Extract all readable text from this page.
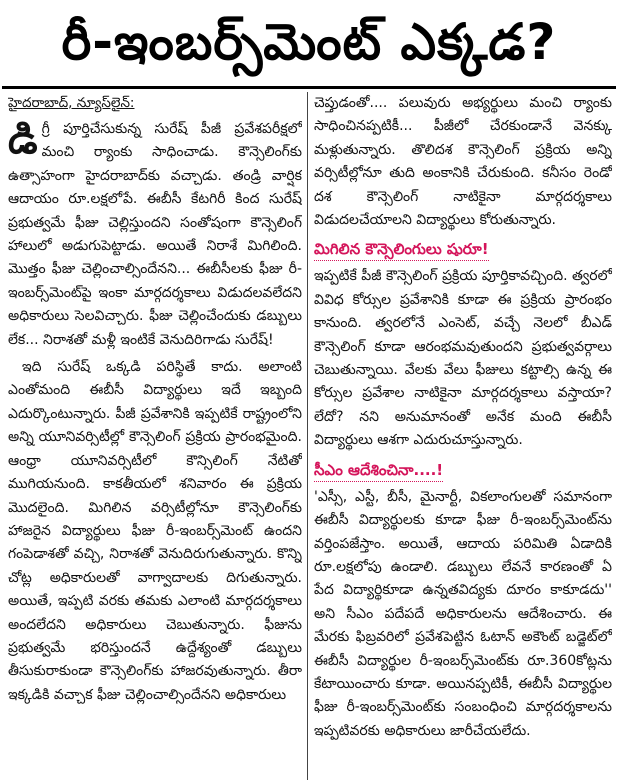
రీ-ఇంబర్స్‌మెంట్ ఎక్కడ?
హైదరాబాద్, న్యూస్‌లైన్:

డిగ్రీ పూర్తిచేసుకున్న సురేష్ పీజీ ప్రవేశపరీక్షలో మంచి ర్యాంకు సాధించాడు. కౌన్సెలింగ్‌కు ఉత్సాహంగా హైదరాబాద్‌కు వచ్చాడు. తండ్రి వార్షిక ఆదాయం రూ.లక్షలోపే. ఈబీసీ కేటగిరీ కింద సురేష్ ప్రభుత్వమే ఫీజు చెల్లిస్తుందని సంతోషంగా కౌన్సెలింగ్ హాలులో అడుగుపెట్టాడు. అయితే నిరాశే మిగిలింది. మొత్తం ఫీజు చెల్లించాల్సిందేనని... ఈబీసీలకు ఫీజు రీ-ఇంబర్స్‌మెంట్‌పై ఇంకా మార్గదర్శకాలు విడుదలవలేదని అధికారులు సెలవిచ్చారు. ఫీజు చెల్లించేందుకు డబ్బులు లేక... నిరాశతో మళ్లీ ఇంటికే వెనుదిరిగాడు సురేష్!

ఇది సురేష్ ఒక్కడి పరిస్థితే కాదు. అలాంటి ఎంతోమంది ఈబీసీ విద్యార్థులు ఇదే ఇబ్బంది ఎదుర్కొంటున్నారు. పీజీ ప్రవేశానికి ఇప్పటికే రాష్ట్రంలోని అన్ని యూనివర్సిటీల్లో కౌన్సెలింగ్ ప్రక్రియ ప్రారంభమైంది. ఆంధ్రా యూనివర్సిటీలో కౌన్సిలింగ్ నేటితో ముగియనుంది. కాకతీయలో శనివారం ఈ ప్రక్రియ మొదలైంది. మిగిలిన వర్సిటీల్లోనూ కౌన్సెలింగ్‌కు హాజరైన విద్యార్థులు ఫీజు రీ-ఇంబర్స్‌మెంట్ ఉందని గంపెడాశతో వచ్చి, నిరాశతో వెనుదిరుగుతున్నారు. కొన్ని చోట్ల అధికారులతో వాగ్వాదాలకు దిగుతున్నారు. అయితే, ఇప్పటి వరకు తమకు ఎలాంటి మార్గదర్శకాలు అందలేదని అధికారులు చెబుతున్నారు. ఫీజును ప్రభుత్వమే భరిస్తుందనే ఉద్దేశ్యంతో డబ్బులు తీసుకురాకుండా కౌన్సెలింగ్‌కు హాజరవుతున్నారు. తీరా ఇక్కడికి వచ్చాక ఫీజు చెల్లించాల్సిందేనని అధికారులు

చెప్తుడంతో.... పలువురు అభ్యర్థులు మంచి ర్యాంకు సాధించినప్పటికీ... పీజీలో చేరకుండానే వెనక్కు మళ్లుతున్నారు. తొలిదశ కౌన్సెలింగ్ ప్రక్రియ అన్ని వర్సిటీల్లోనూ తుది అంకానికి చేరుకుంది. కనీసం రెండో దశ కౌన్సెలింగ్ నాటికైనా మార్గదర్శకాలు విడుదలచేయాలని విద్యార్థులు కోరుతున్నారు.

మిగిలిన కౌన్సెలింగులు షురూ!

ఇప్పటికే పీజీ కౌన్సెలింగ్ ప్రక్రియ పూర్తికావచ్చింది. త్వరలో వివిధ కోర్సుల ప్రవేశానికి కూడా ఈ ప్రక్రియ ప్రారంభం కానుంది. త్వరలోనే ఎంసెట్, వచ్చే నెలలో బీఎడ్ కౌన్సెలింగ్ కూడా ఆరంభమవుతుందని ప్రభుత్వవర్గాలు చెబుతున్నాయి. వేలకు వేలు ఫీజులు కట్టాల్సి ఉన్న ఈ కోర్సుల ప్రవేశాల నాటికైనా మార్గదర్శకాలు వస్తాయా? లేదో? నని అనుమానంతో అనేక మంది ఈబీసీ విద్యార్థులు ఆశగా ఎదురుచూస్తున్నారు.

సీఎం ఆదేశించినా....!

'ఎస్సీ, ఎస్టీ, బీసీ, మైనార్టీ, వికలాంగులతో సమానంగా ఈబీసీ విద్యార్థులకు కూడా ఫీజు రీ-ఇంబర్స్‌మెంట్‌ను వర్తింపజేస్తాం. అయితే, ఆదాయ పరిమితి ఏడాదికి రూ.లక్షలోపు ఉండాలి. డబ్బులు లేవనే కారణంతో ఏ పేద విద్యార్థికూడా ఉన్నతవిద్యకు దూరం కాకూడదు'' అని సీఎం పదేపదే అధికారులను ఆదేశించారు. ఈ మేరకు ఫిబ్రవరిలో ప్రవేశపెట్టిన ఓటాన్ అకౌంట్ బడ్జెట్‌లో ఈబీసీ విద్యార్థుల రీ-ఇంబర్స్‌మెంట్‌కు రూ.360కోట్లను కేటాయించారు కూడా. అయినప్పటికీ, ఈబీసీ విద్యార్థుల ఫీజు రీ-ఇంబర్స్‌మెంట్‌కు సంబంధించి మార్గదర్శకాలను ఇప్పటివరకు అధికారులు జారీచేయలేదు.
